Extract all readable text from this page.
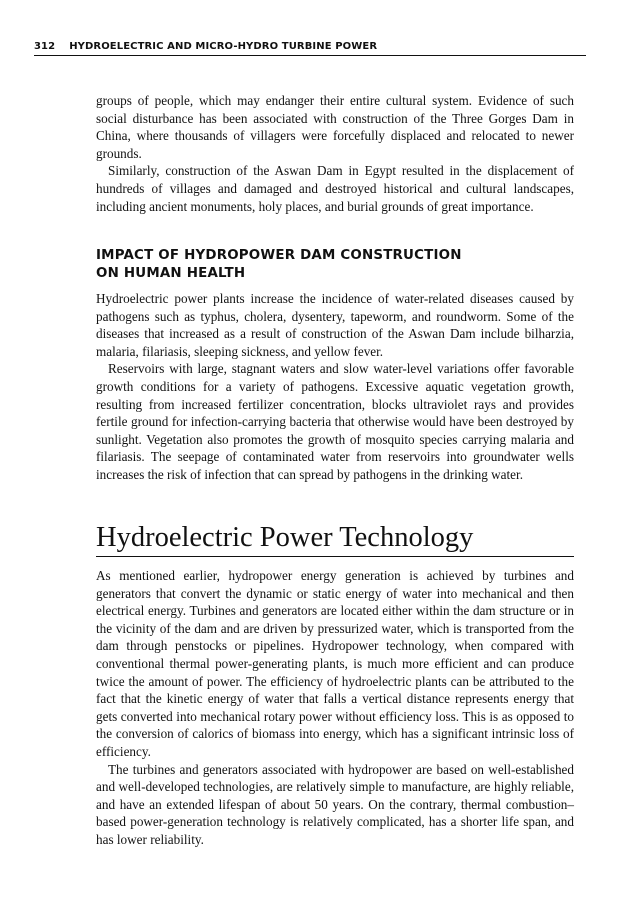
312 HYDROELECTRIC AND MICRO-HYDRO TURBINE POWER

groups of people, which may endanger their entire cultural system. Evidence of such social disturbance has been associated with construction of the Three Gorges Dam in China, where thousands of villagers were forcefully displaced and relocated to newer grounds.

Similarly, construction of the Aswan Dam in Egypt resulted in the displacement of hundreds of villages and damaged and destroyed historical and cultural landscapes, including ancient monuments, holy places, and burial grounds of great importance.

IMPACT OF HYDROPOWER DAM CONSTRUCTION
ON HUMAN HEALTH

Hydroelectric power plants increase the incidence of water-related diseases caused by pathogens such as typhus, cholera, dysentery, tapeworm, and roundworm. Some of the diseases that increased as a result of construction of the Aswan Dam include bilharzia, malaria, filariasis, sleeping sickness, and yellow fever.

Reservoirs with large, stagnant waters and slow water-level variations offer favorable growth conditions for a variety of pathogens. Excessive aquatic vegetation growth, resulting from increased fertilizer concentration, blocks ultraviolet rays and provides fertile ground for infection-carrying bacteria that otherwise would have been destroyed by sunlight. Vegetation also promotes the growth of mosquito species carrying malaria and filariasis. The seepage of contaminated water from reservoirs into groundwater wells increases the risk of infection that can spread by pathogens in the drinking water.

Hydroelectric Power Technology

As mentioned earlier, hydropower energy generation is achieved by turbines and generators that convert the dynamic or static energy of water into mechanical and then electrical energy. Turbines and generators are located either within the dam structure or in the vicinity of the dam and are driven by pressurized water, which is transported from the dam through penstocks or pipelines. Hydropower technology, when compared with conventional thermal power-generating plants, is much more efficient and can produce twice the amount of power. The efficiency of hydroelectric plants can be attributed to the fact that the kinetic energy of water that falls a vertical distance represents energy that gets converted into mechanical rotary power without efficiency loss. This is as opposed to the conversion of calorics of biomass into energy, which has a significant intrinsic loss of efficiency.

The turbines and generators associated with hydropower are based on well-established and well-developed technologies, are relatively simple to manufacture, are highly reliable, and have an extended lifespan of about 50 years. On the contrary, thermal combustion–based power-generation technology is relatively complicated, has a shorter life span, and has lower reliability.
